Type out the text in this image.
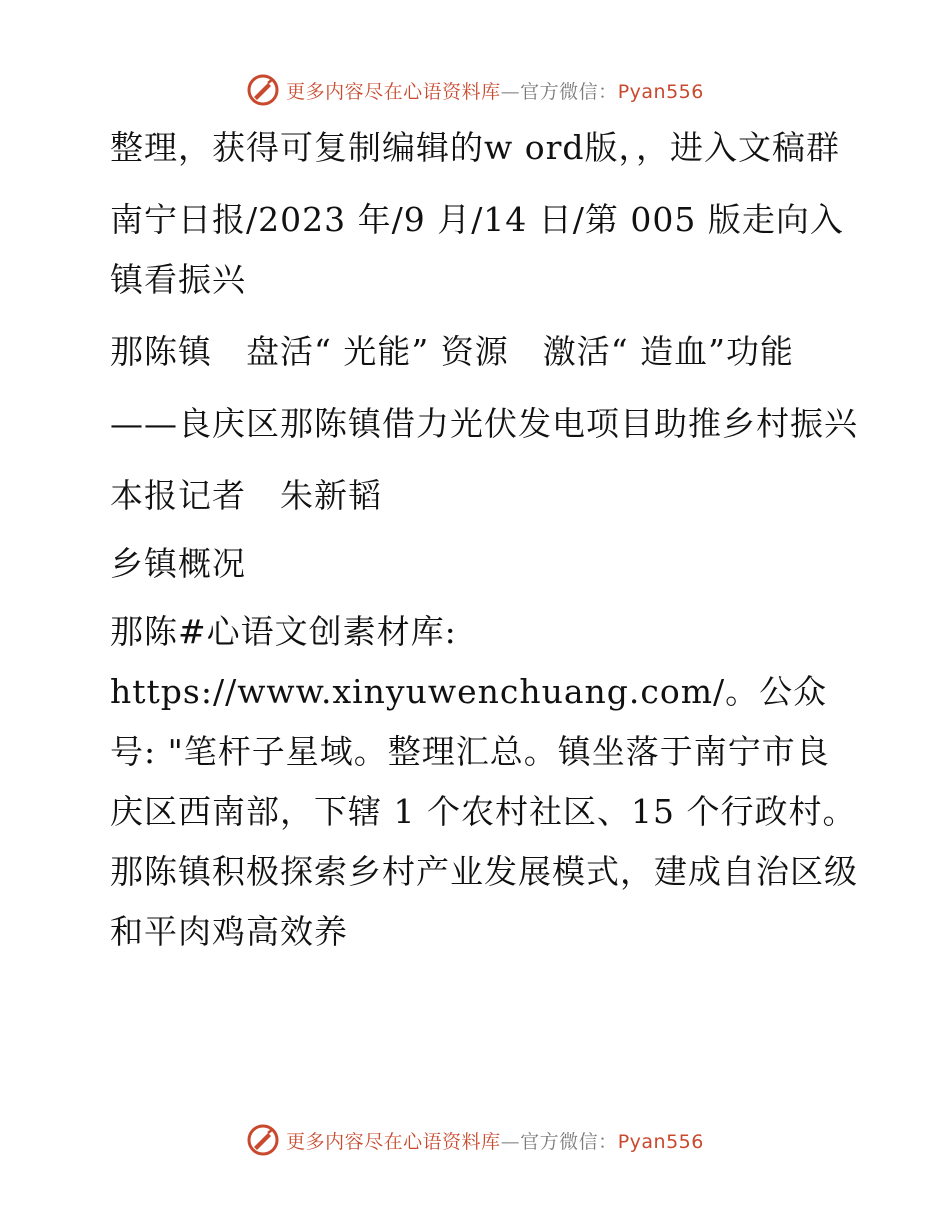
更多内容尽在心语资料库—官方微信：Pyan556

整理，获得可复制编辑的w ord版，，进入文稿群

南宁日报/2023 年/9 月/14 日/第 005 版走向入镇看振兴

那陈镇　盘活“ 光能” 资源　激活“ 造血”功能

——良庆区那陈镇借力光伏发电项目助推乡村振兴

本报记者　朱新韬

乡镇概况

那陈#心语文创素材库: https://www.xinyuwenchuang.com/。公众号: "笔杆子星域。整理汇总。镇坐落于南宁市良庆区西南部，下辖 1 个农村社区、15 个行政村。那陈镇积极探索乡村产业发展模式，建成自治区级和平肉鸡高效养

更多内容尽在心语资料库—官方微信：Pyan556
